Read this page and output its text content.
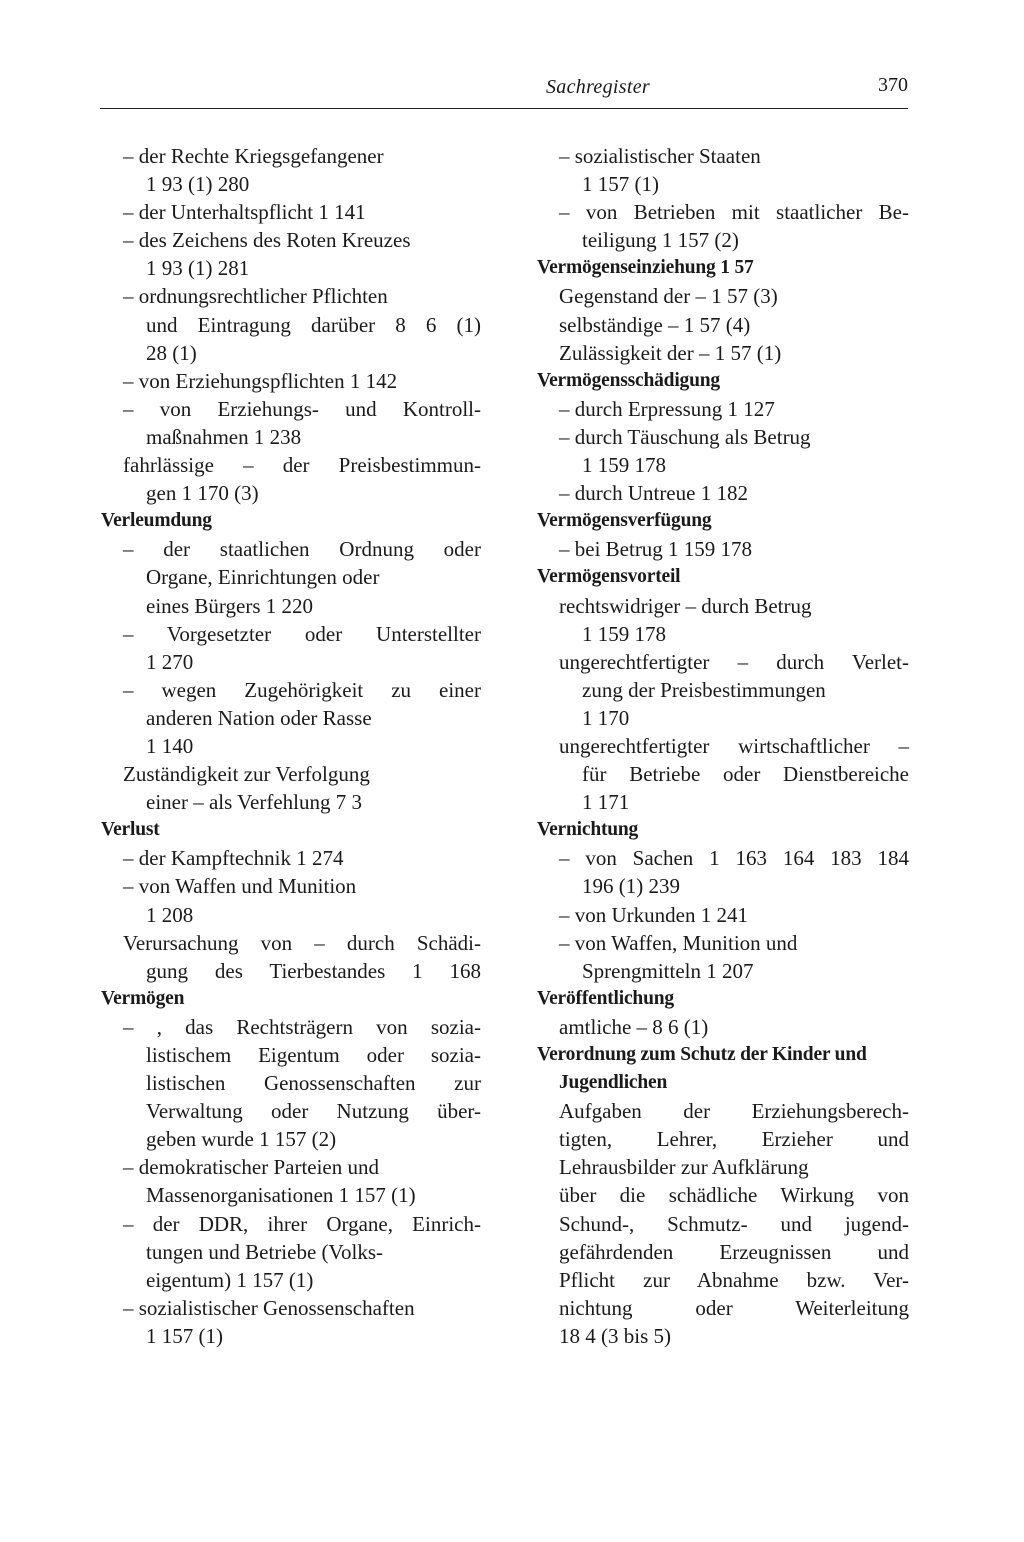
Sachregister	370
– der Rechte Kriegsgefangener
1 93 (1) 280
– der Unterhaltspflicht 1 141
– des Zeichens des Roten Kreuzes
1 93 (1) 281
– ordnungsrechtlicher Pflichten
und Eintragung darüber 8 6 (1)
28 (1)
– von Erziehungspflichten 1 142
– von Erziehungs- und Kontroll-
maßnahmen 1 238
fahrlässige – der Preisbestimmun-
gen 1 170 (3)
Verleumdung
– der staatlichen Ordnung oder
Organe, Einrichtungen oder
eines Bürgers 1 220
– Vorgesetzter oder Unterstellter
1 270
– wegen Zugehörigkeit zu einer
anderen Nation oder Rasse
1 140
Zuständigkeit zur Verfolgung
einer – als Verfehlung 7 3
Verlust
– der Kampftechnik 1 274
– von Waffen und Munition
1 208
Verursachung von – durch Schädi-
gung des Tierbestandes 1 168
Vermögen
– , das Rechtsträgern von sozia-
listischem Eigentum oder sozia-
listischen Genossenschaften zur
Verwaltung oder Nutzung über-
geben wurde 1 157 (2)
– demokratischer Parteien und
Massenorganisationen 1 157 (1)
– der DDR, ihrer Organe, Einrich-
tungen und Betriebe (Volks-
eigentum) 1 157 (1)
– sozialistischer Genossenschaften
1 157 (1)
– sozialistischer Staaten
1 157 (1)
– von Betrieben mit staatlicher Be-
teiligung 1 157 (2)
Vermögenseinziehung 1 57
Gegenstand der – 1 57 (3)
selbständige – 1 57 (4)
Zulässigkeit der – 1 57 (1)
Vermögensschädigung
– durch Erpressung 1 127
– durch Täuschung als Betrug
1 159 178
– durch Untreue 1 182
Vermögensverfügung
– bei Betrug 1 159 178
Vermögensvorteil
rechtswidriger – durch Betrug
1 159 178
ungerechtfertigter – durch Verlet-
zung der Preisbestimmungen
1 170
ungerechtfertigter wirtschaftlicher –
für Betriebe oder Dienstbereiche
1 171
Vernichtung
– von Sachen 1 163 164 183 184
196 (1) 239
– von Urkunden 1 241
– von Waffen, Munition und
Sprengmitteln 1 207
Veröffentlichung
amtliche – 8 6 (1)
Verordnung zum Schutz der Kinder und
Jugendlichen
Aufgaben der Erziehungsberech-
tigten, Lehrer, Erzieher und
Lehrausbilder zur Aufklärung
über die schädliche Wirkung von
Schund-, Schmutz- und jugend-
gefährdenden Erzeugnissen und
Pflicht zur Abnahme bzw. Ver-
nichtung oder Weiterleitung
18 4 (3 bis 5)
